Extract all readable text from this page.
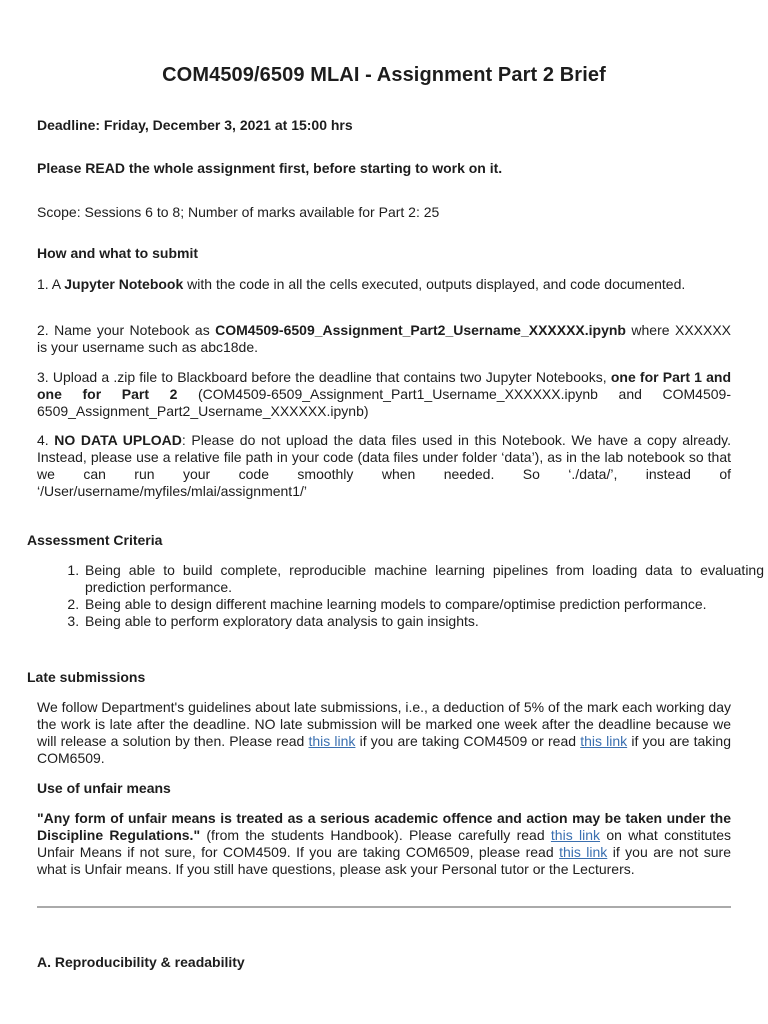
COM4509/6509 MLAI - Assignment Part 2 Brief

Deadline: Friday, December 3, 2021 at 15:00 hrs

Please READ the whole assignment first, before starting to work on it.

Scope: Sessions 6 to 8; Number of marks available for Part 2: 25

How and what to submit

1. A Jupyter Notebook with the code in all the cells executed, outputs displayed, and code documented.

2. Name your Notebook as COM4509-6509_Assignment_Part2_Username_XXXXXX.ipynb where XXXXXX is your username such as abc18de.

3. Upload a .zip file to Blackboard before the deadline that contains two Jupyter Notebooks, one for Part 1 and one for Part 2 (COM4509-6509_Assignment_Part1_Username_XXXXXX.ipynb and COM4509-6509_Assignment_Part2_Username_XXXXXX.ipynb)

4. NO DATA UPLOAD: Please do not upload the data files used in this Notebook. We have a copy already. Instead, please use a relative file path in your code (data files under folder ‘data’), as in the lab notebook so that we can run your code smoothly when needed. So ‘./data/’, instead of ‘/User/username/myfiles/mlai/assignment1/’

Assessment Criteria

1. Being able to build complete, reproducible machine learning pipelines from loading data to evaluating prediction performance.
2. Being able to design different machine learning models to compare/optimise prediction performance.
3. Being able to perform exploratory data analysis to gain insights.

Late submissions

We follow Department's guidelines about late submissions, i.e., a deduction of 5% of the mark each working day the work is late after the deadline. NO late submission will be marked one week after the deadline because we will release a solution by then. Please read this link if you are taking COM4509 or read this link if you are taking COM6509.

Use of unfair means

"Any form of unfair means is treated as a serious academic offence and action may be taken under the Discipline Regulations." (from the students Handbook). Please carefully read this link on what constitutes Unfair Means if not sure, for COM4509. If you are taking COM6509, please read this link if you are not sure what is Unfair means. If you still have questions, please ask your Personal tutor or the Lecturers.

A. Reproducibility & readability
